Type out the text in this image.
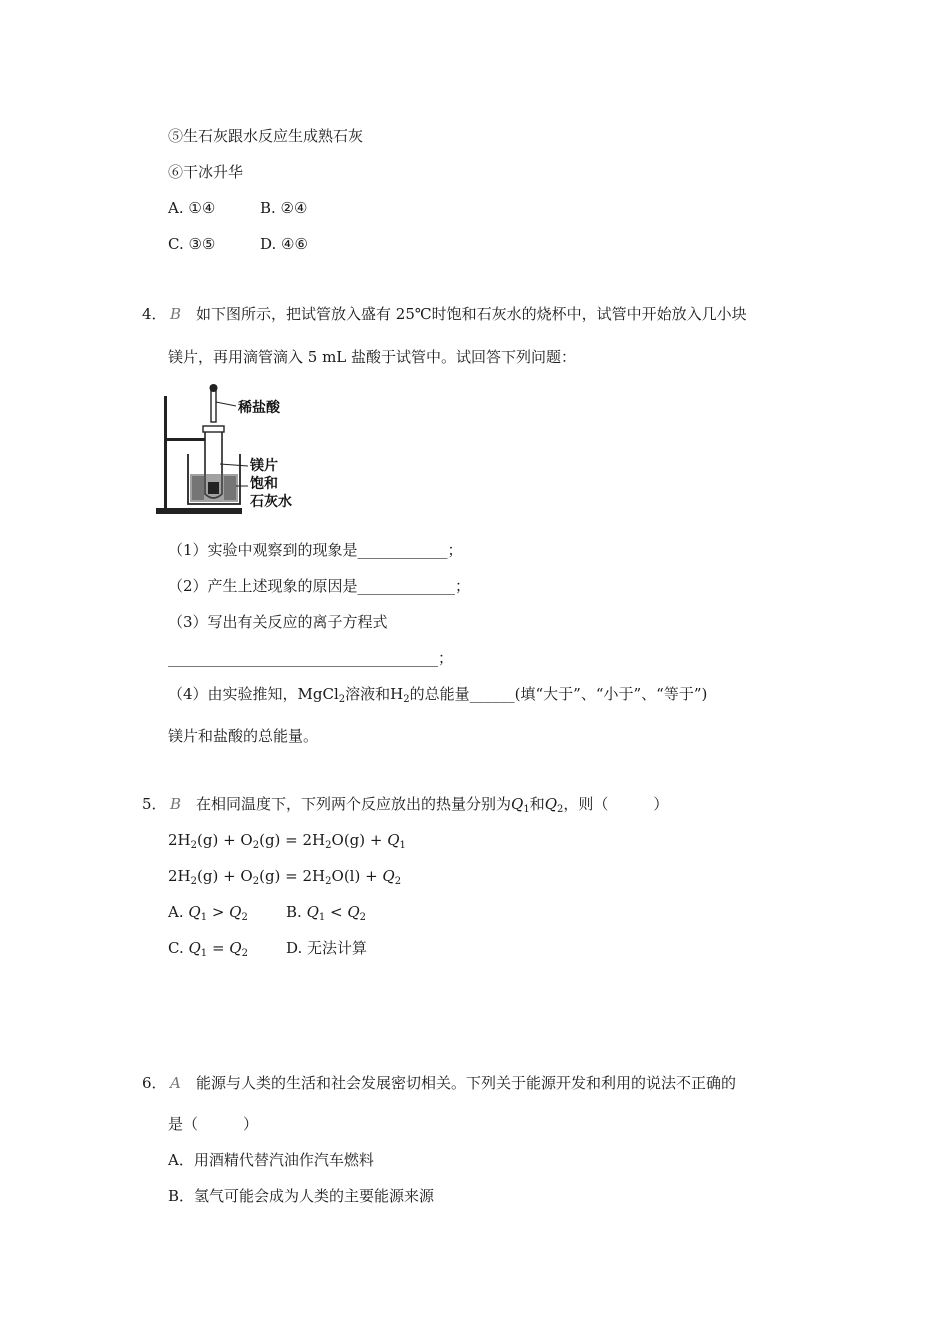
⑤生石灰跟水反应生成熟石灰
⑥干冰升华
A. ①④	B. ②④
C. ③⑤	D. ④⑥
4． B 如下图所示，把试管放入盛有 25℃时饱和石灰水的烧杯中，试管中开始放入几小块
镁片，再用滴管滴入 5 mL 盐酸于试管中。试回答下列问题：
稀盐酸
镁片
饱和
石灰水
（1）实验中观察到的现象是____________；
（2）产生上述现象的原因是_____________；
（3）写出有关反应的离子方程式
____________________________________；
（4）由实验推知，MgCl$_2$溶液和$H_2$的总能量______(填“大于”、“小于”、“等于”)
镁片和盐酸的总能量。
5． B 在相同温度下，下列两个反应放出的热量分别为$Q_1$和$Q_2$，则（　　　）
$2H_2(g) + O_2(g) = 2H_2O(g) + Q_1$
$2H_2(g) + O_2(g) = 2H_2O(l) + Q_2$
A. $Q_1 > Q_2$	B. $Q_1 < Q_2$
C. $Q_1 = Q_2$	D. 无法计算
6． A 能源与人类的生活和社会发展密切相关。下列关于能源开发和利用的说法不正确的
是（　　　）
A．用酒精代替汽油作汽车燃料
B．氢气可能会成为人类的主要能源来源
